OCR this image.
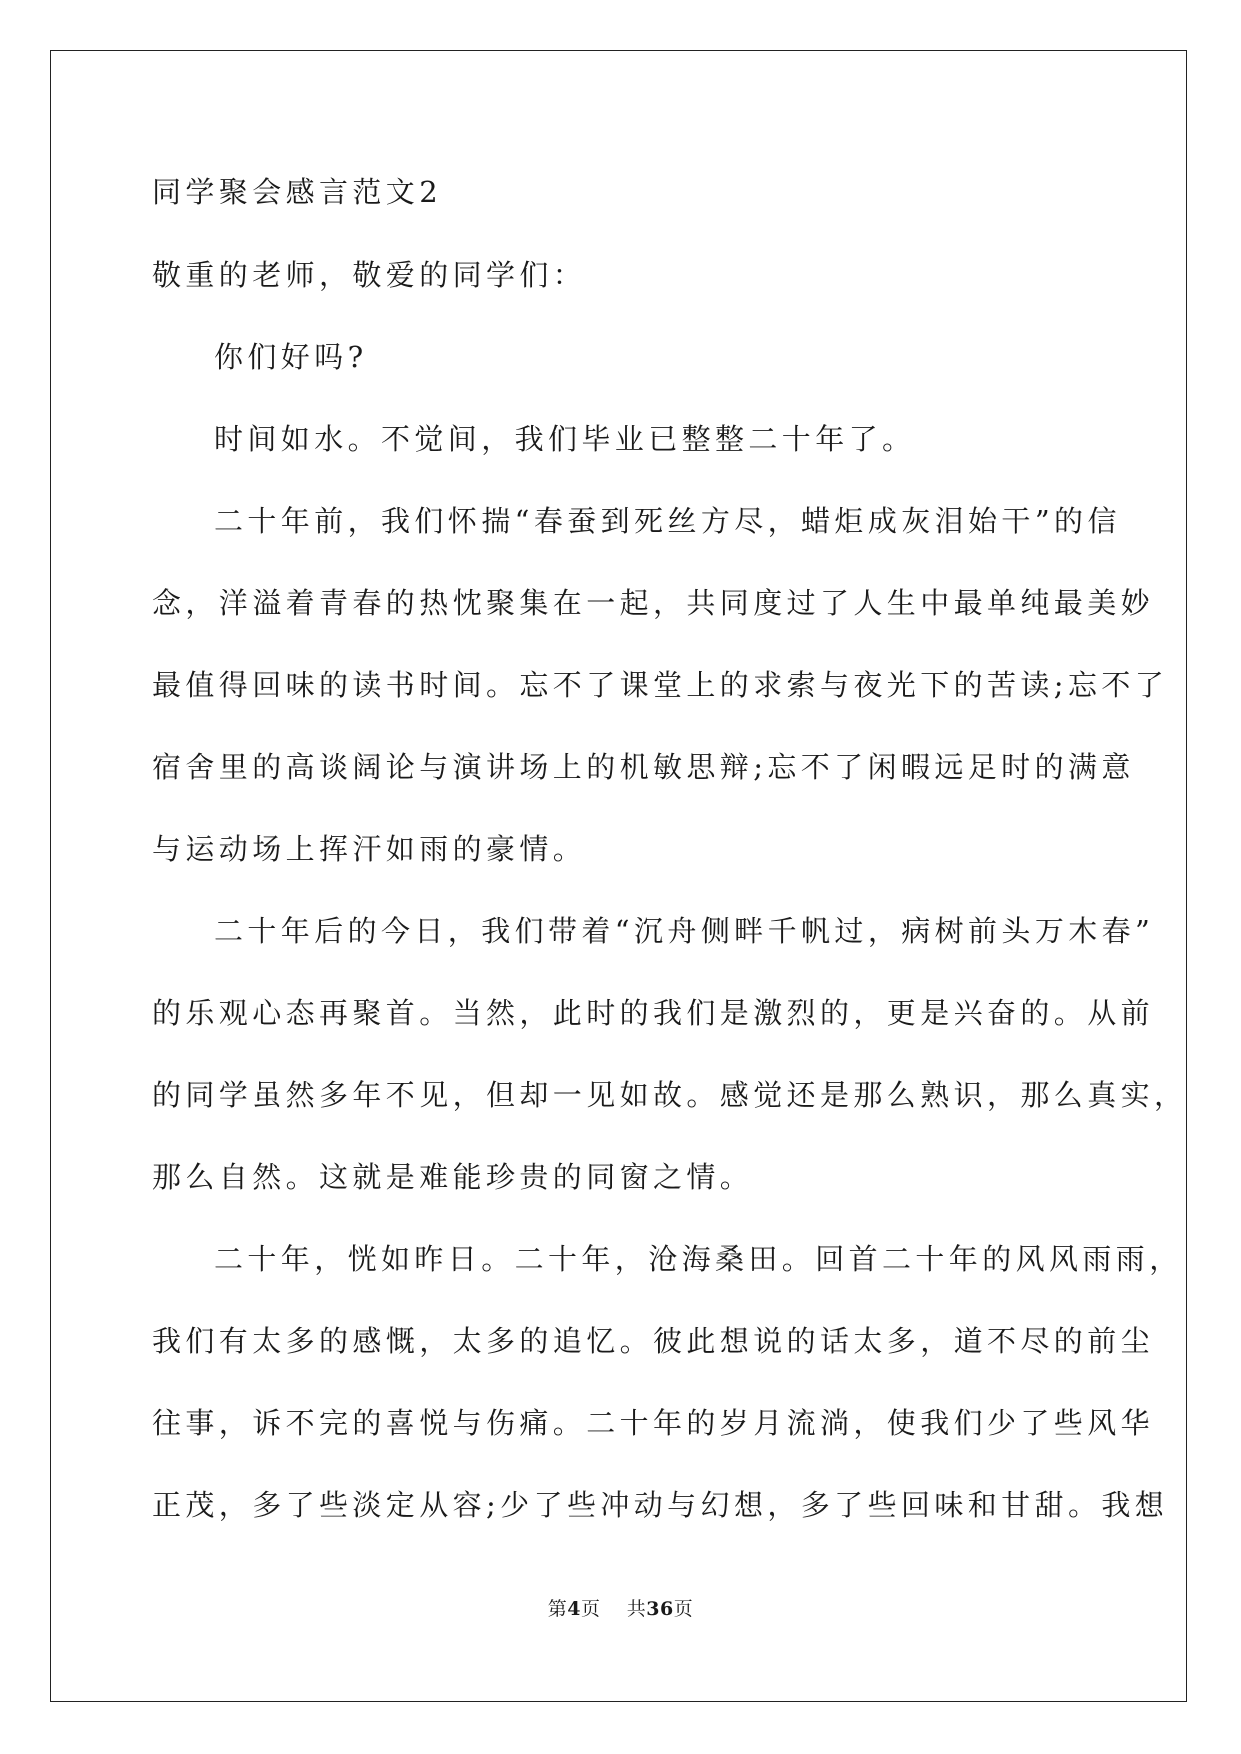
同学聚会感言范文2
敬重的老师，敬爱的同学们：
你们好吗?
时间如水。不觉间，我们毕业已整整二十年了。
二十年前，我们怀揣“春蚕到死丝方尽，蜡炬成灰泪始干”的信
念，洋溢着青春的热忱聚集在一起，共同度过了人生中最单纯最美妙
最值得回味的读书时间。忘不了课堂上的求索与夜光下的苦读;忘不了
宿舍里的高谈阔论与演讲场上的机敏思辩;忘不了闲暇远足时的满意
与运动场上挥汗如雨的豪情。
二十年后的今日，我们带着“沉舟侧畔千帆过，病树前头万木春”
的乐观心态再聚首。当然，此时的我们是激烈的，更是兴奋的。从前
的同学虽然多年不见，但却一见如故。感觉还是那么熟识，那么真实，
那么自然。这就是难能珍贵的同窗之情。
二十年，恍如昨日。二十年，沧海桑田。回首二十年的风风雨雨，
我们有太多的感慨，太多的追忆。彼此想说的话太多，道不尽的前尘
往事，诉不完的喜悦与伤痛。二十年的岁月流淌，使我们少了些风华
正茂，多了些淡定从容;少了些冲动与幻想，多了些回味和甘甜。我想
第4页 共36页
